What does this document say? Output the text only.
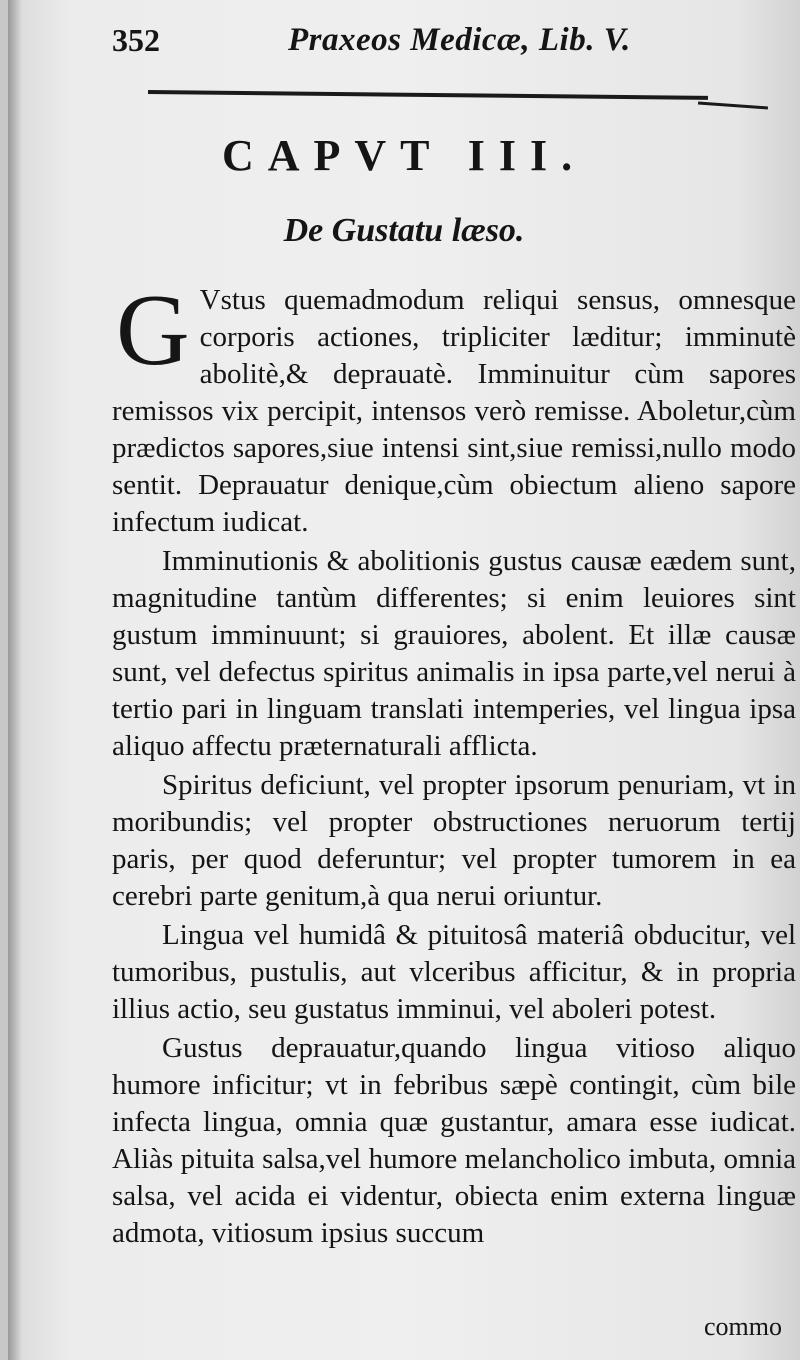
352	Praxeos Medicæ, Lib. V.
CAPVT III.
De Gustatu læso.

G Vstus quemadmodum reliqui sensus, omnesque corporis actiones, tripliciter læditur; imminutè abolitè,& deprauatè. Imminuitur cùm sapores remissos vix percipit, intensos verò remisse. Aboletur,cùm prædictos sapores,siue intensi sint,siue remissi,nullo modo sentit. Deprauatur denique,cùm obiectum alieno sapore infectum iudicat.

Imminutionis & abolitionis gustus causæ eædem sunt, magnitudine tantùm differentes; si enim leuiores sint gustum imminuunt; si grauiores, abolent. Et illæ causæ sunt, vel defectus spiritus animalis in ipsa parte,vel nerui à tertio pari in linguam translati intemperies, vel lingua ipsa aliquo affectu præternaturali afflicta.

Spiritus deficiunt, vel propter ipsorum penuriam, vt in moribundis; vel propter obstructiones neruorum tertij paris, per quod deferuntur; vel propter tumorem in ea cerebri parte genitum,à qua nerui oriuntur.

Lingua vel humidâ & pituitosâ materiâ obducitur, vel tumoribus, pustulis, aut vlceribus afficitur, & in propria illius actio, seu gustatus imminui, vel aboleri potest.

Gustus deprauatur,quando lingua vitioso aliquo humore inficitur; vt in febribus sæpè contingit, cùm bile infecta lingua, omnia quæ gustantur, amara esse iudicat. Aliàs pituita salsa,vel humore melancholico imbuta, omnia salsa, vel acida ei videntur, obiecta enim externa linguæ admota, vitiosum ipsius succum

commo
